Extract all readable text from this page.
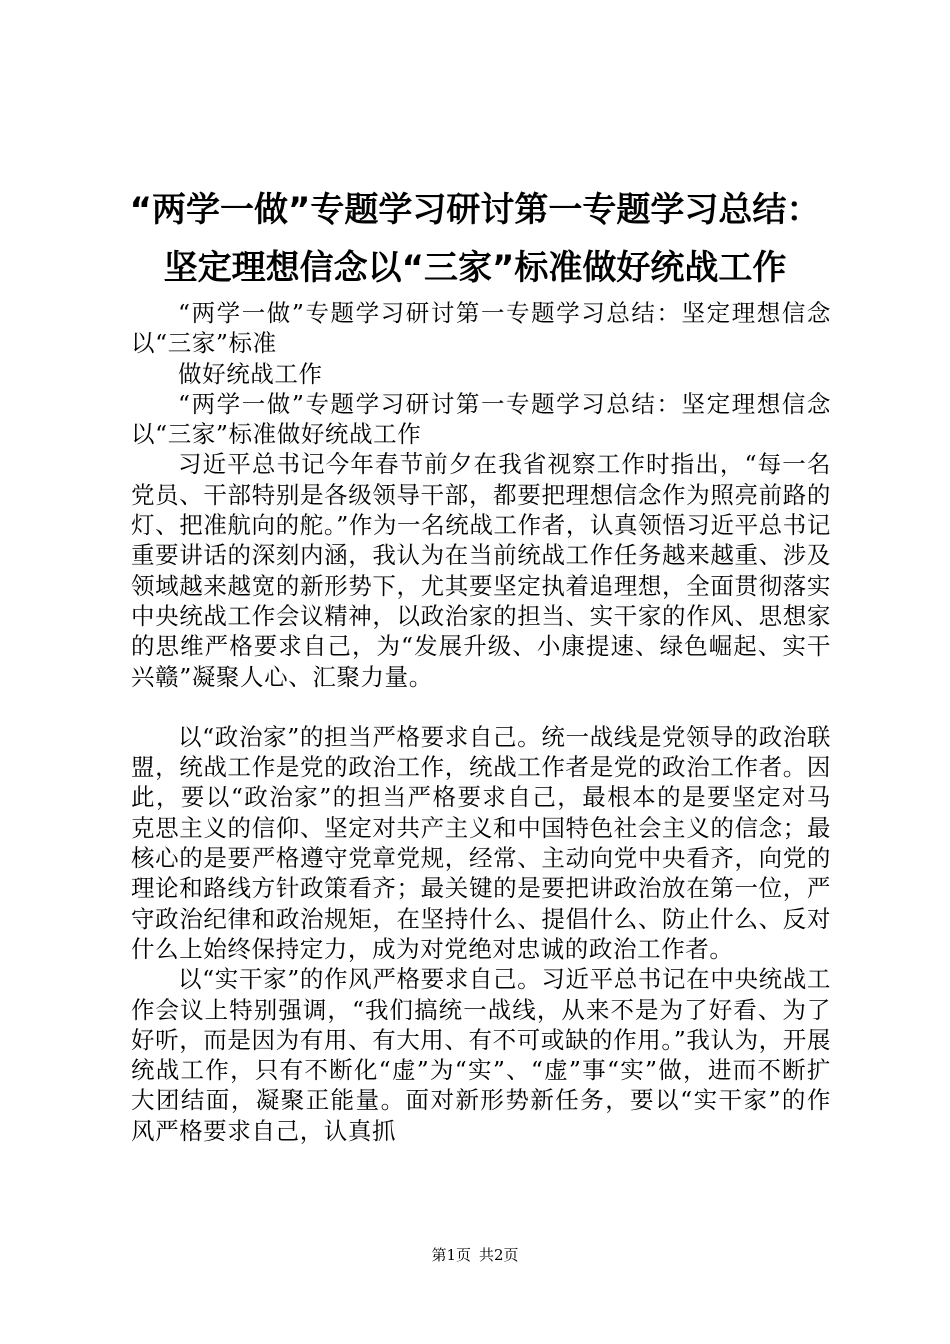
“两学一做”专题学习研讨第一专题学习总结：
坚定理想信念以“三家”标准做好统战工作

“两学一做”专题学习研讨第一专题学习总结：坚定理想信念以“三家”标准

做好统战工作

“两学一做”专题学习研讨第一专题学习总结：坚定理想信念以“三家”标准做好统战工作

习近平总书记今年春节前夕在我省视察工作时指出，“每一名党员、干部特别是各级领导干部，都要把理想信念作为照亮前路的灯、把准航向的舵。”作为一名统战工作者，认真领悟习近平总书记重要讲话的深刻内涵，我认为在当前统战工作任务越来越重、涉及领域越来越宽的新形势下，尤其要坚定执着追理想，全面贯彻落实中央统战工作会议精神，以政治家的担当、实干家的作风、思想家的思维严格要求自己，为“发展升级、小康提速、绿色崛起、实干兴赣”凝聚人心、汇聚力量。

以“政治家”的担当严格要求自己。统一战线是党领导的政治联盟，统战工作是党的政治工作，统战工作者是党的政治工作者。因此，要以“政治家”的担当严格要求自己，最根本的是要坚定对马克思主义的信仰、坚定对共产主义和中国特色社会主义的信念；最核心的是要严格遵守党章党规，经常、主动向党中央看齐，向党的理论和路线方针政策看齐；最关键的是要把讲政治放在第一位，严守政治纪律和政治规矩，在坚持什么、提倡什么、防止什么、反对什么上始终保持定力，成为对党绝对忠诚的政治工作者。

以“实干家”的作风严格要求自己。习近平总书记在中央统战工作会议上特别强调，“我们搞统一战线，从来不是为了好看、为了好听，而是因为有用、有大用、有不可或缺的作用。”我认为，开展统战工作，只有不断化“虚”为“实”、“虚”事“实”做，进而不断扩大团结面，凝聚正能量。面对新形势新任务，要以“实干家”的作风严格要求自己，认真抓

第1页 共2页
